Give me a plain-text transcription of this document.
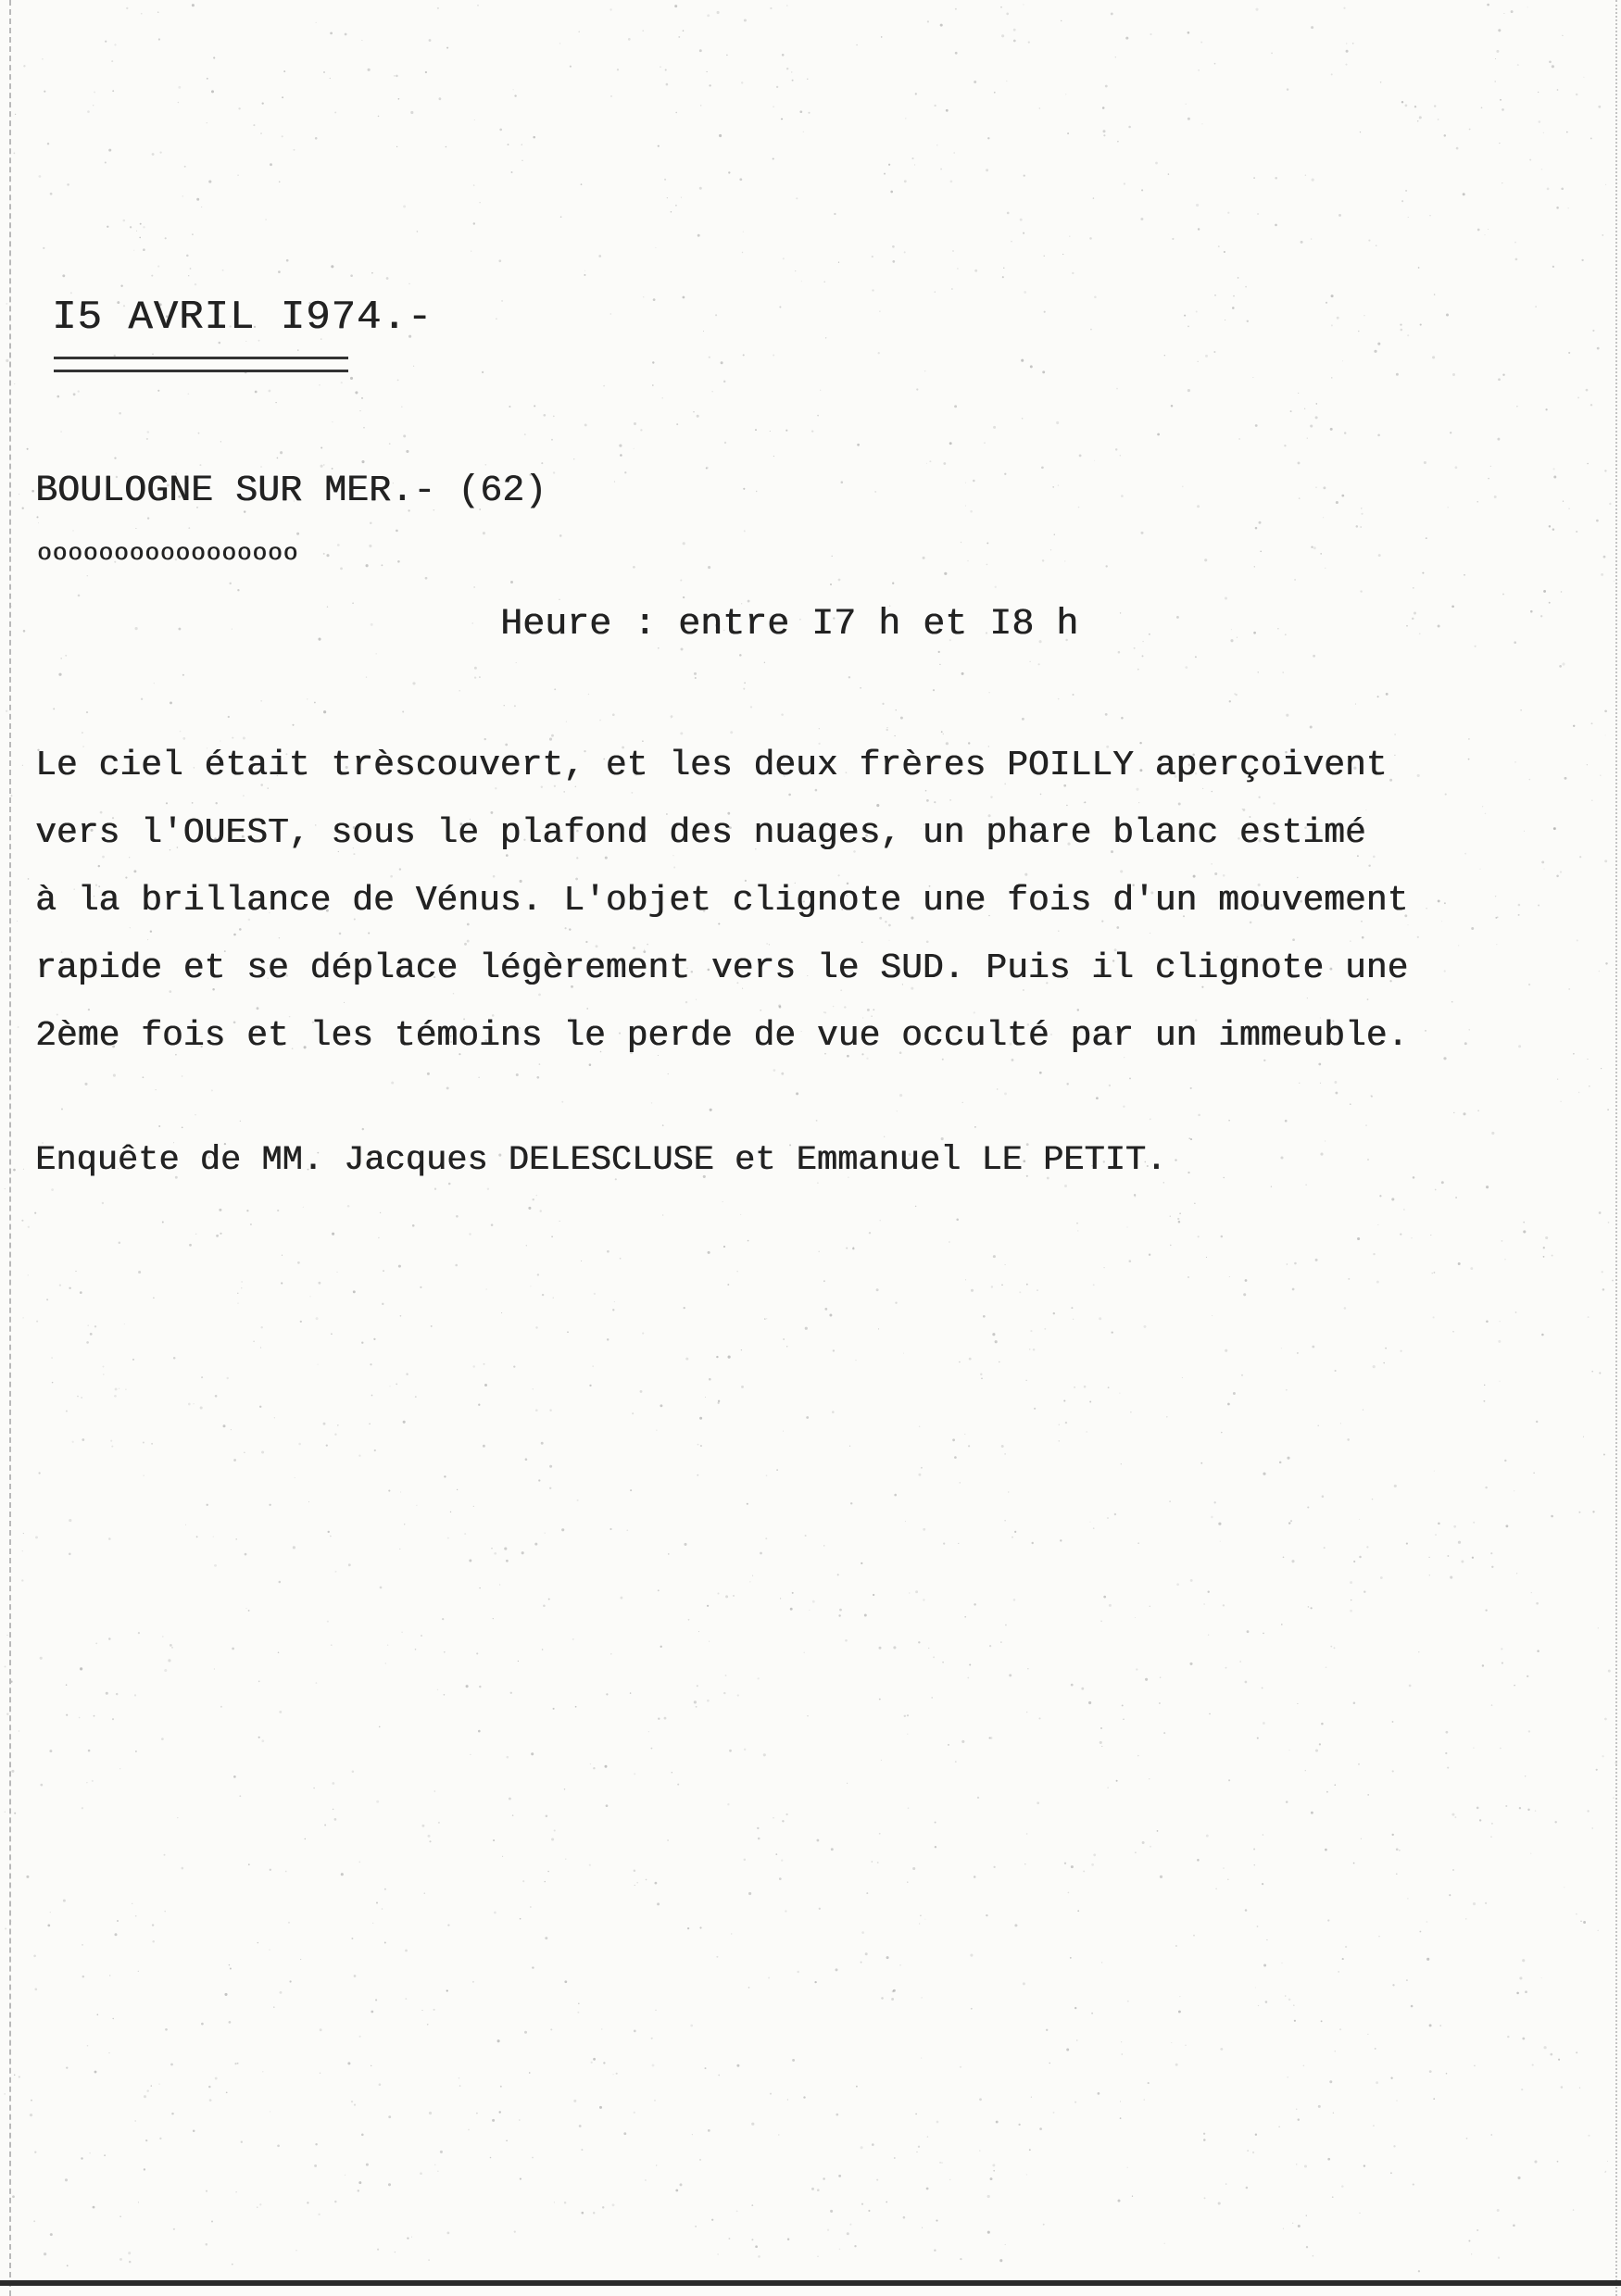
I5 AVRIL I974.-
BOULOGNE SUR MER.- (62)
ooooooooooooooooo
Heure : entre I7 h et I8 h
Le ciel était trèscouvert, et les deux frères POILLY aperçoivent
vers l'OUEST, sous le plafond des nuages, un phare blanc estimé
à la brillance de Vénus. L'objet clignote une fois d'un mouvement
rapide et se déplace légèrement vers le SUD. Puis il clignote une
2ème fois et les témoins le perde de vue occulté par un immeuble.
Enquête de MM. Jacques DELESCLUSE et Emmanuel LE PETIT.
